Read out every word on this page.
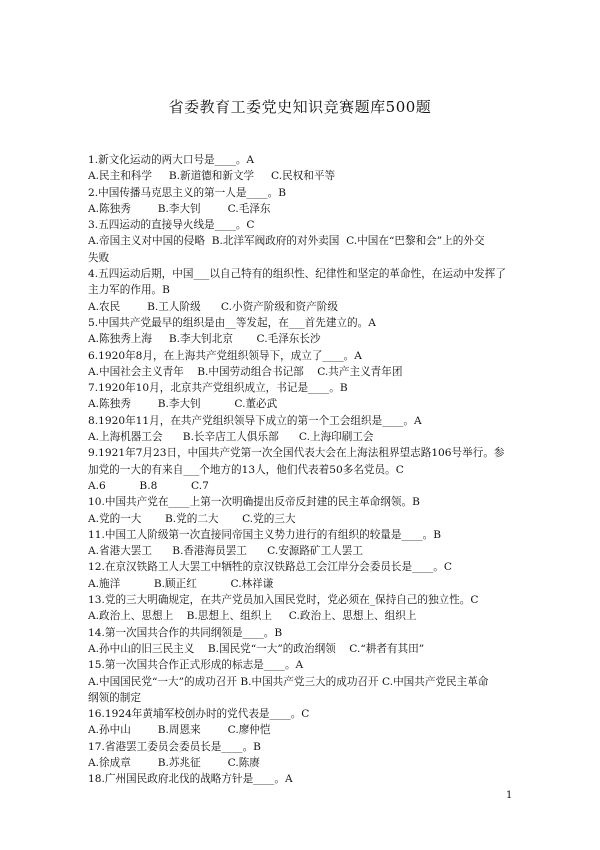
省委教育工委党史知识竞赛题库500题
1.新文化运动的两大口号是____。A
A.民主和科学     B.新道德和新文学     C.民权和平等
2.中国传播马克思主义的第一人是____。B
A.陈独秀        B.李大钊        C.毛泽东
3.五四运动的直接导火线是____。C
A.帝国主义对中国的侵略  B.北洋军阀政府的对外卖国  C.中国在“巴黎和会”上的外交
失败
4.五四运动后期，中国___以自己特有的组织性、纪律性和坚定的革命性，在运动中发挥了
主力军的作用。B
A.农民        B.工人阶级      C.小资产阶级和资产阶级
5.中国共产党最早的组织是由__等发起，在___首先建立的。A
A.陈独秀上海     B.李大钊北京       C.毛泽东长沙
6.1920年8月，在上海共产党组织领导下，成立了____。A
A.中国社会主义青年    B.中国劳动组合书记部    C.共产主义青年团
7.1920年10月，北京共产党组织成立，书记是____。B
A.陈独秀        B.李大钊          C.董必武
8.1920年11月，在共产党组织领导下成立的第一个工会组织是____。A
A.上海机器工会      B.长辛店工人俱乐部      C.上海印刷工会
9.1921年7月23日，中国共产党第一次全国代表大会在上海法租界望志路106号举行。参
加党的一大的有来自___个地方的13人，他们代表着50多名党员。C
A.6          B.8          C.7
10.中国共产党在____上第一次明确提出反帝反封建的民主革命纲领。B
A.党的一大       B.党的二大       C.党的三大
11.中国工人阶级第一次直接同帝国主义势力进行的有组织的较量是____。B
A.省港大罢工      B.香港海员罢工      C.安源路矿工人罢工
12.在京汉铁路工人大罢工中牺牲的京汉铁路总工会江岸分会委员长是____。C
A.施洋          B.顾正红          C.林祥谦
13.党的三大明确规定，在共产党员加入国民党时，党必须在_保持自己的独立性。C
A.政治上、思想上    B.思想上、组织上     C.政治上、思想上、组织上
14.第一次国共合作的共同纲领是____。B
A.孙中山的旧三民主义    B.国民党“一大”的政治纲领    C.“耕者有其田”
15.第一次国共合作正式形成的标志是____。A
A.中国国民党“一大”的成功召开 B.中国共产党三大的成功召开 C.中国共产党民主革命
纲领的制定
16.1924年黄埔军校创办时的党代表是____。C
A.孙中山        B.周恩来        C.廖仲恺
17.省港罢工委员会委员长是____。B
A.徐成章        B.苏兆征        C.陈赓
18.广州国民政府北伐的战略方针是____。A
1
